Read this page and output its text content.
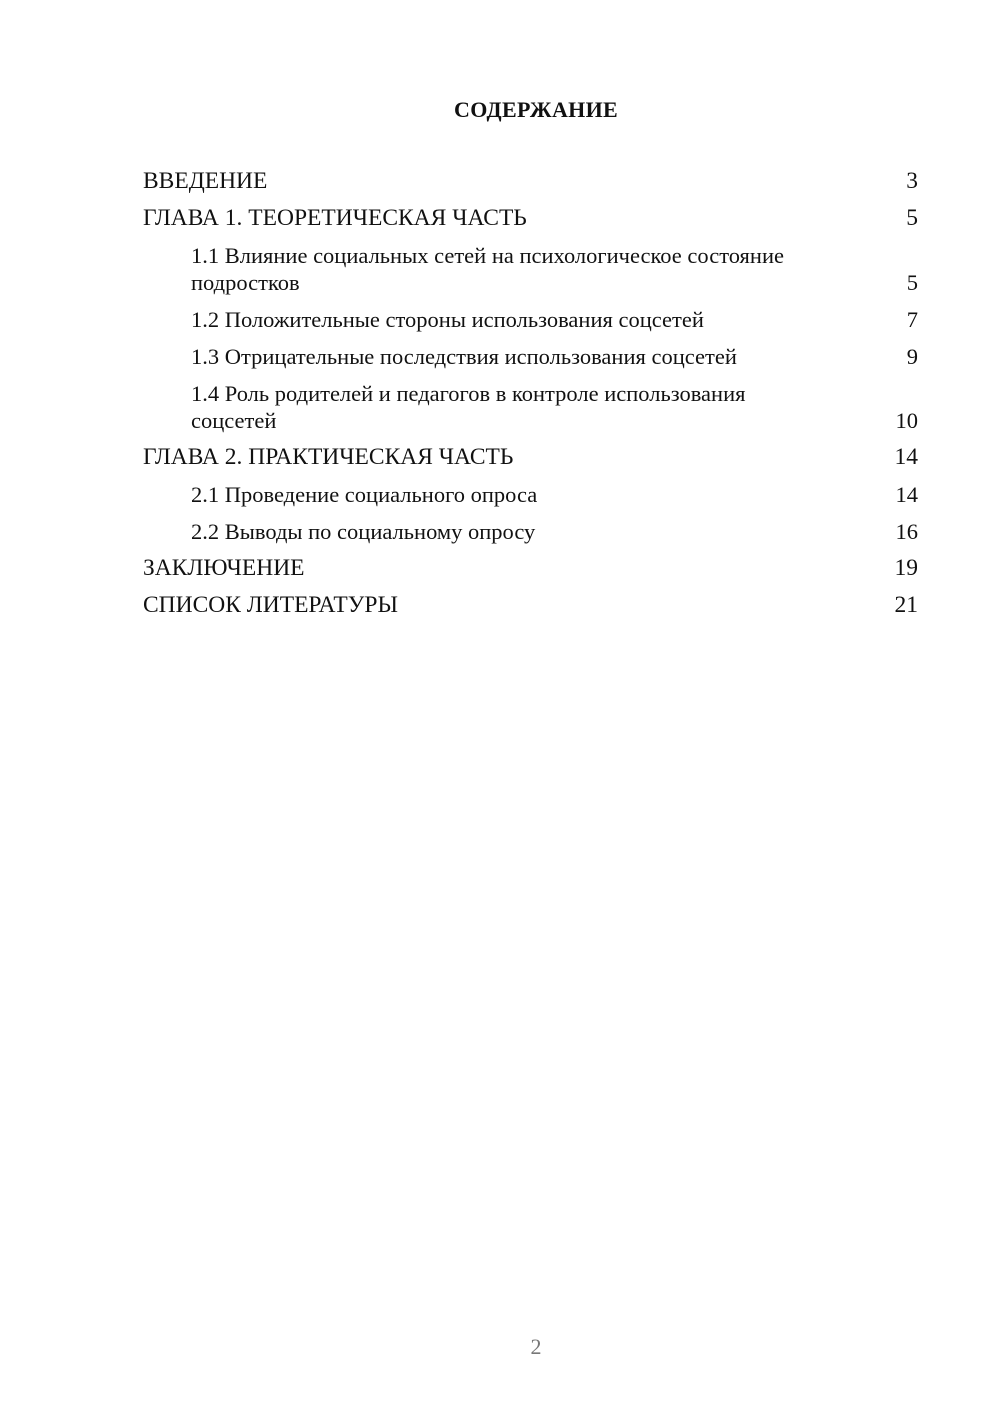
СОДЕРЖАНИЕ
ВВЕДЕНИЕ	3
ГЛАВА 1. ТЕОРЕТИЧЕСКАЯ ЧАСТЬ	5
1.1 Влияние социальных сетей на психологическое состояние подростков	5
1.2 Положительные стороны использования соцсетей	7
1.3 Отрицательные последствия использования соцсетей	9
1.4 Роль родителей и педагогов в контроле использования соцсетей	10
ГЛАВА 2. ПРАКТИЧЕСКАЯ ЧАСТЬ	14
2.1 Проведение социального опроса	14
2.2 Выводы по социальному опросу	16
ЗАКЛЮЧЕНИЕ	19
СПИСОК ЛИТЕРАТУРЫ	21
2
